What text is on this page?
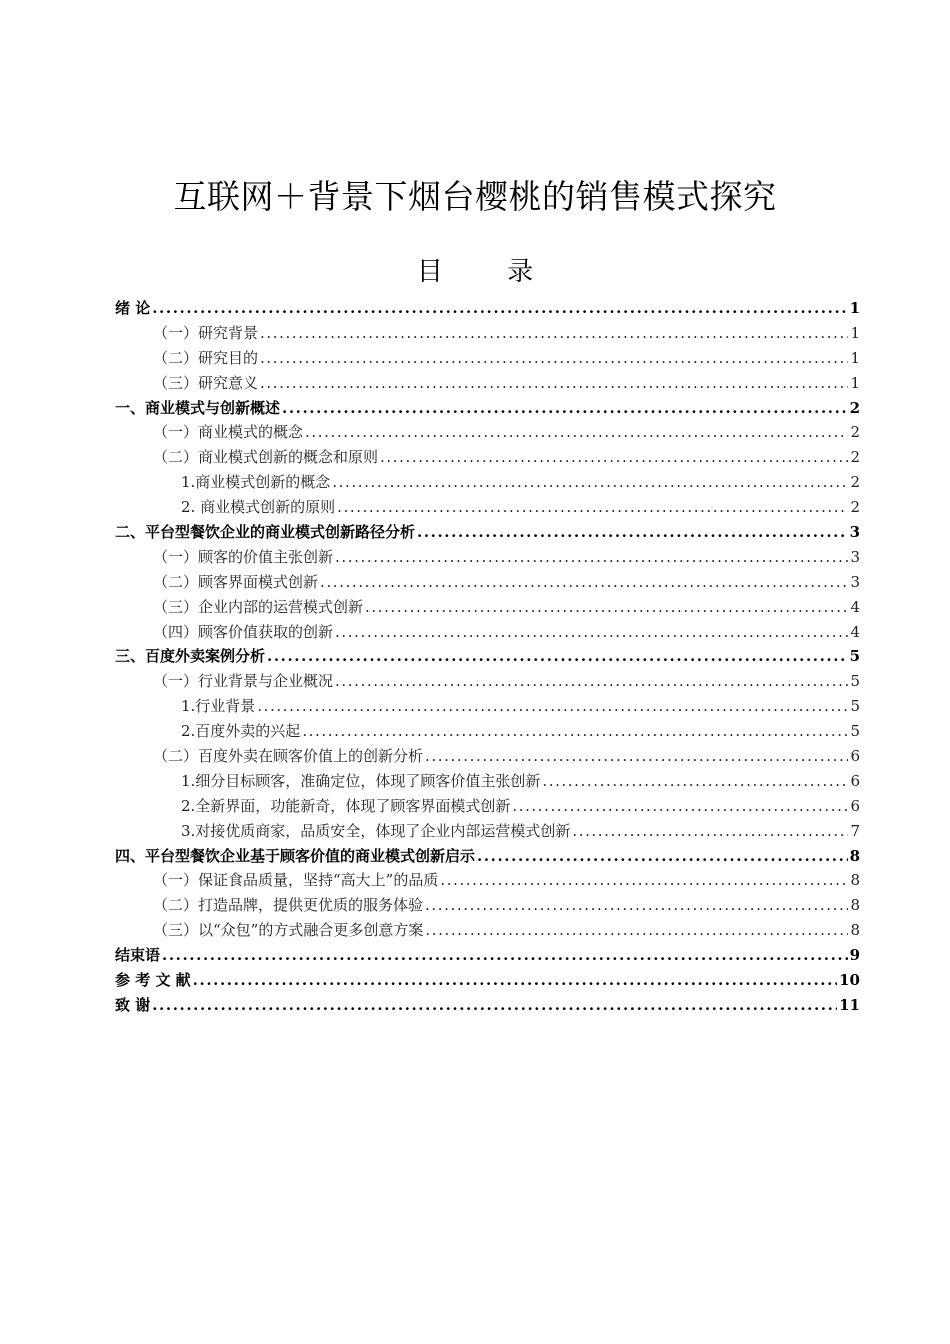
互联网＋背景下烟台樱桃的销售模式探究
目 录
绪 论 .....	1
（一）研究背景 .....	1
（二）研究目的 .....	1
（三）研究意义 .....	1
一、商业模式与创新概述 .....	2
（一）商业模式的概念 .....	2
（二）商业模式创新的概念和原则 .....	2
1.商业模式创新的概念 .....	2
2. 商业模式创新的原则 .....	2
二、平台型餐饮企业的商业模式创新路径分析 .....	3
（一）顾客的价值主张创新 .....	3
（二）顾客界面模式创新 .....	3
（三）企业内部的运营模式创新 .....	4
（四）顾客价值获取的创新 .....	4
三、百度外卖案例分析 .....	5
（一）行业背景与企业概况 .....	5
1.行业背景 .....	5
2.百度外卖的兴起 .....	5
（二）百度外卖在顾客价值上的创新分析 .....	6
1.细分目标顾客，准确定位，体现了顾客价值主张创新 .....	6
2.全新界面，功能新奇，体现了顾客界面模式创新 .....	6
3.对接优质商家，品质安全，体现了企业内部运营模式创新 .....	7
四、平台型餐饮企业基于顾客价值的商业模式创新启示 .....	8
（一）保证食品质量，坚持“高大上”的品质 .....	8
（二）打造品牌，提供更优质的服务体验 .....	8
（三）以“众包”的方式融合更多创意方案 .....	8
结束语 .....	9
参 考 文 献 .....	10
致 谢 .....	11
